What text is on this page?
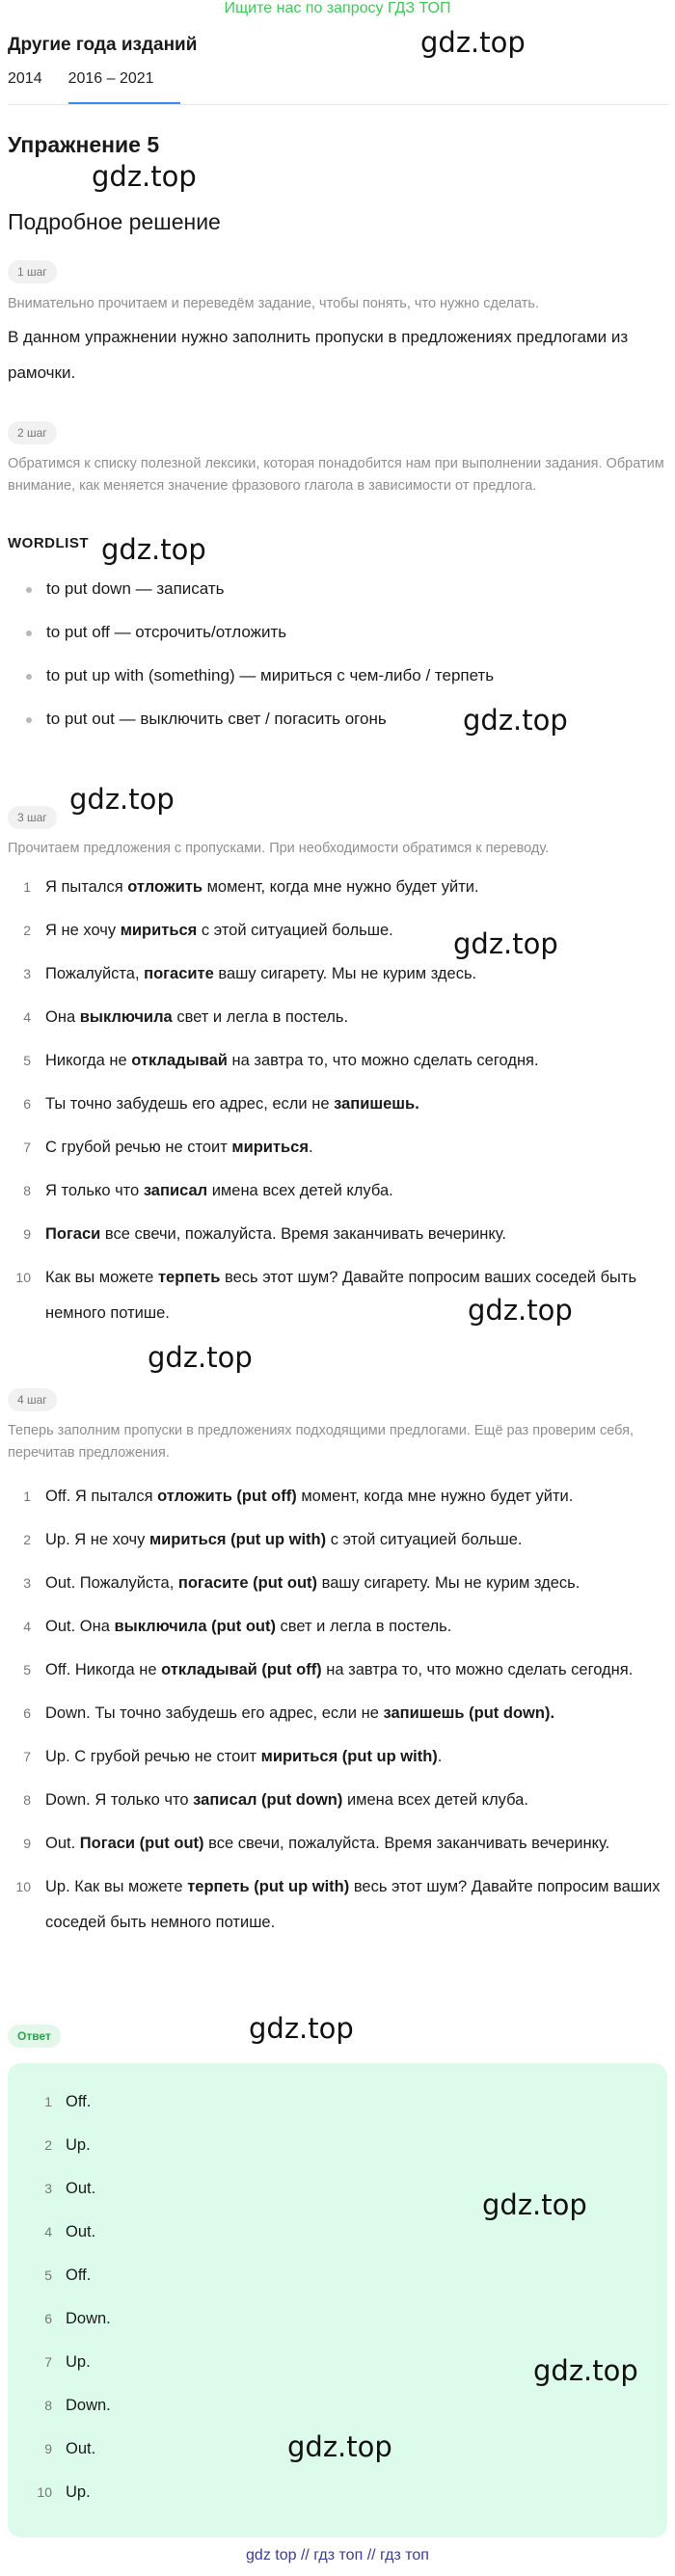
Ищите нас по запросу ГДЗ ТОП
Другие года изданий
2014	2016 – 2021
Упражнение 5
Подробное решение
1 шаг
Внимательно прочитаем и переведём задание, чтобы понять, что нужно сделать.
В данном упражнении нужно заполнить пропуски в предложениях предлогами из рамочки.
2 шаг
Обратимся к списку полезной лексики, которая понадобится нам при выполнении задания. Обратим внимание, как меняется значение фразового глагола в зависимости от предлога.
WORDLIST
to put down — записать
to put off — отсрочить/отложить
to put up with (something) — мириться с чем-либо / терпеть
to put out — выключить свет / погасить огонь
3 шаг
Прочитаем предложения с пропусками. При необходимости обратимся к переводу.
1 Я пытался отложить момент, когда мне нужно будет уйти.
2 Я не хочу мириться с этой ситуацией больше.
3 Пожалуйста, погасите вашу сигарету. Мы не курим здесь.
4 Она выключила свет и легла в постель.
5 Никогда не откладывай на завтра то, что можно сделать сегодня.
6 Ты точно забудешь его адрес, если не запишешь.
7 С грубой речью не стоит мириться.
8 Я только что записал имена всех детей клуба.
9 Погаси все свечи, пожалуйста. Время заканчивать вечеринку.
10 Как вы можете терпеть весь этот шум? Давайте попросим ваших соседей быть немного потише.
4 шаг
Теперь заполним пропуски в предложениях подходящими предлогами. Ещё раз проверим себя, перечитав предложения.
1 Off. Я пытался отложить (put off) момент, когда мне нужно будет уйти.
2 Up. Я не хочу мириться (put up with) с этой ситуацией больше.
3 Out. Пожалуйста, погасите (put out) вашу сигарету. Мы не курим здесь.
4 Out. Она выключила (put out) свет и легла в постель.
5 Off. Никогда не откладывай (put off) на завтра то, что можно сделать сегодня.
6 Down. Ты точно забудешь его адрес, если не запишешь (put down).
7 Up. С грубой речью не стоит мириться (put up with).
8 Down. Я только что записал (put down) имена всех детей клуба.
9 Out. Погаси (put out) все свечи, пожалуйста. Время заканчивать вечеринку.
10 Up. Как вы можете терпеть (put up with) весь этот шум? Давайте попросим ваших соседей быть немного потише.
Ответ
1 Off.
2 Up.
3 Out.
4 Out.
5 Off.
6 Down.
7 Up.
8 Down.
9 Out.
10 Up.
gdz.top
gdz.top
gdz.top
gdz.top
gdz.top
gdz.top
gdz.top
gdz.top
gdz.top
gdz.top
gdz.top
gdz.top
gdz top // гдз топ // гдз топ
